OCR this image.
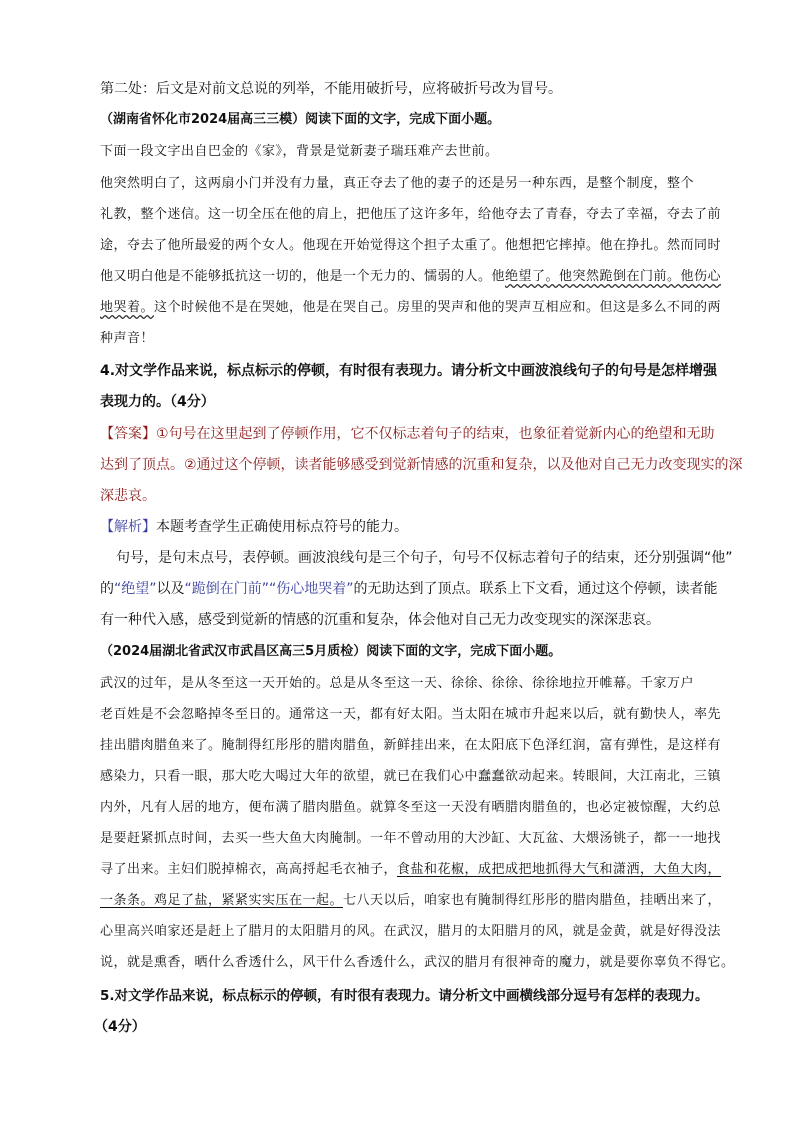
第二处：后文是对前文总说的列举，不能用破折号，应将破折号改为冒号。
（湖南省怀化市2024届高三三模）阅读下面的文字，完成下面小题。
下面一段文字出自巴金的《家》，背景是觉新妻子瑞珏难产去世前。
他突然明白了，这两扇小门并没有力量，真正夺去了他的妻子的还是另一种东西，是整个制度，整个
礼教，整个迷信。这一切全压在他的肩上，把他压了这许多年，给他夺去了青春，夺去了幸福，夺去了前
途，夺去了他所最爱的两个女人。他现在开始觉得这个担子太重了。他想把它摔掉。他在挣扎。然而同时
他又明白他是不能够抵抗这一切的，他是一个无力的、懦弱的人。他绝望了。他突然跪倒在门前。他伤心
地哭着。这个时候他不是在哭她，他是在哭自己。房里的哭声和他的哭声互相应和。但这是多么不同的两
种声音！
4.对文学作品来说，标点标示的停顿，有时很有表现力。请分析文中画波浪线句子的句号是怎样增强
表现力的。（4分）
【答案】①句号在这里起到了停顿作用，它不仅标志着句子的结束，也象征着觉新内心的绝望和无助
达到了顶点。②通过这个停顿，读者能够感受到觉新情感的沉重和复杂，以及他对自己无力改变现实的深
深悲哀。
【解析】本题考查学生正确使用标点符号的能力。
句号，是句末点号，表停顿。画波浪线句是三个句子，句号不仅标志着句子的结束，还分别强调“他”
的“绝望”以及“跪倒在门前”“伤心地哭着”的无助达到了顶点。联系上下文看，通过这个停顿，读者能
有一种代入感，感受到觉新的情感的沉重和复杂，体会他对自己无力改变现实的深深悲哀。
（2024届湖北省武汉市武昌区高三5月质检）阅读下面的文字，完成下面小题。
武汉的过年，是从冬至这一天开始的。总是从冬至这一天、徐徐、徐徐、徐徐地拉开帷幕。千家万户
老百姓是不会忽略掉冬至日的。通常这一天，都有好太阳。当太阳在城市升起来以后，就有勤快人，率先
挂出腊肉腊鱼来了。腌制得红彤彤的腊肉腊鱼，新鲜挂出来，在太阳底下色泽红润，富有弹性，是这样有
感染力，只看一眼，那大吃大喝过大年的欲望，就已在我们心中蠢蠢欲动起来。转眼间，大江南北，三镇
内外，凡有人居的地方，便布满了腊肉腊鱼。就算冬至这一天没有晒腊肉腊鱼的，也必定被惊醒，大约总
是要赶紧抓点时间，去买一些大鱼大肉腌制。一年不曾动用的大沙缸、大瓦盆、大煨汤铫子，都一一地找
寻了出来。主妇们脱掉棉衣，高高捋起毛衣袖子，食盐和花椒，成把成把地抓得大气和潇洒，大鱼大肉，
一条条。鸡足了盐，紧紧实实压在一起。七八天以后，咱家也有腌制得红彤彤的腊肉腊鱼，挂晒出来了，
心里高兴咱家还是赶上了腊月的太阳腊月的风。在武汉，腊月的太阳腊月的风，就是金黄，就是好得没法
说，就是熏香，晒什么香透什么，风干什么香透什么，武汉的腊月有很神奇的魔力，就是要你辜负不得它。
5.对文学作品来说，标点标示的停顿，有时很有表现力。请分析文中画横线部分逗号有怎样的表现力。
（4分）
